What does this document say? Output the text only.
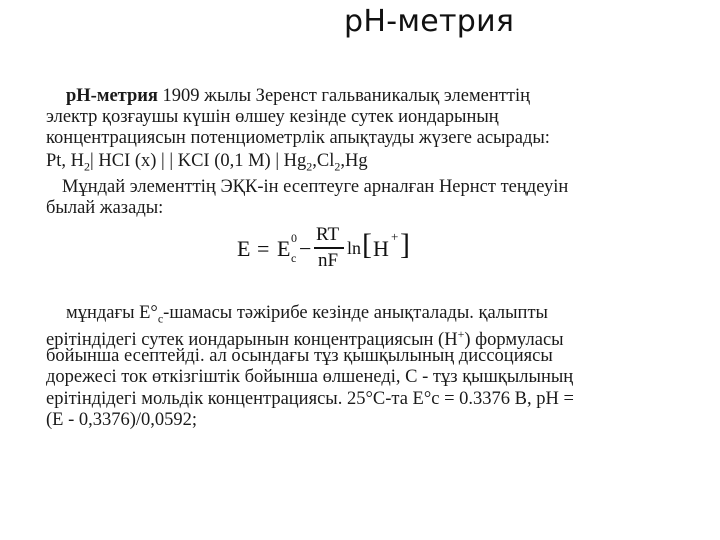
pH-метрия
pH-метрия 1909 жылы Зеренст гальваникалық элементтің
электр қозғаушы күшін өлшеу кезінде сутек иондарының
концентрациясын потенциометрлік апықтауды жүзеге асырады:
Pt, $H_2|$ HCI (x) | | KCI (0,1 M) | $Hg_2,Cl_2,Hg$
Мұндай элементтің ЭҚК-ін есептеуге арналған Нернст теңдеуін
былай жазады:
E = E 0
c −
RT
nF
ln [ H + ]
мұндағы $E^\circ_c$-шамасы тәжірибе кезінде анықталады. қалыпты
ерітіндідегі сутек иондарынын концентрациясын (H+) формуласы
бойынша есептейді. ал осындағы тұз қышқылының диссоциясы
дорежесі ток өткізгіштік бойынша өлшенеді, С - тұз қышқылының
ерітіндідегі мольдік концентрациясы. 25°C-та E°c = 0.3376 B, pH =
(E - 0,3376)/0,0592;
